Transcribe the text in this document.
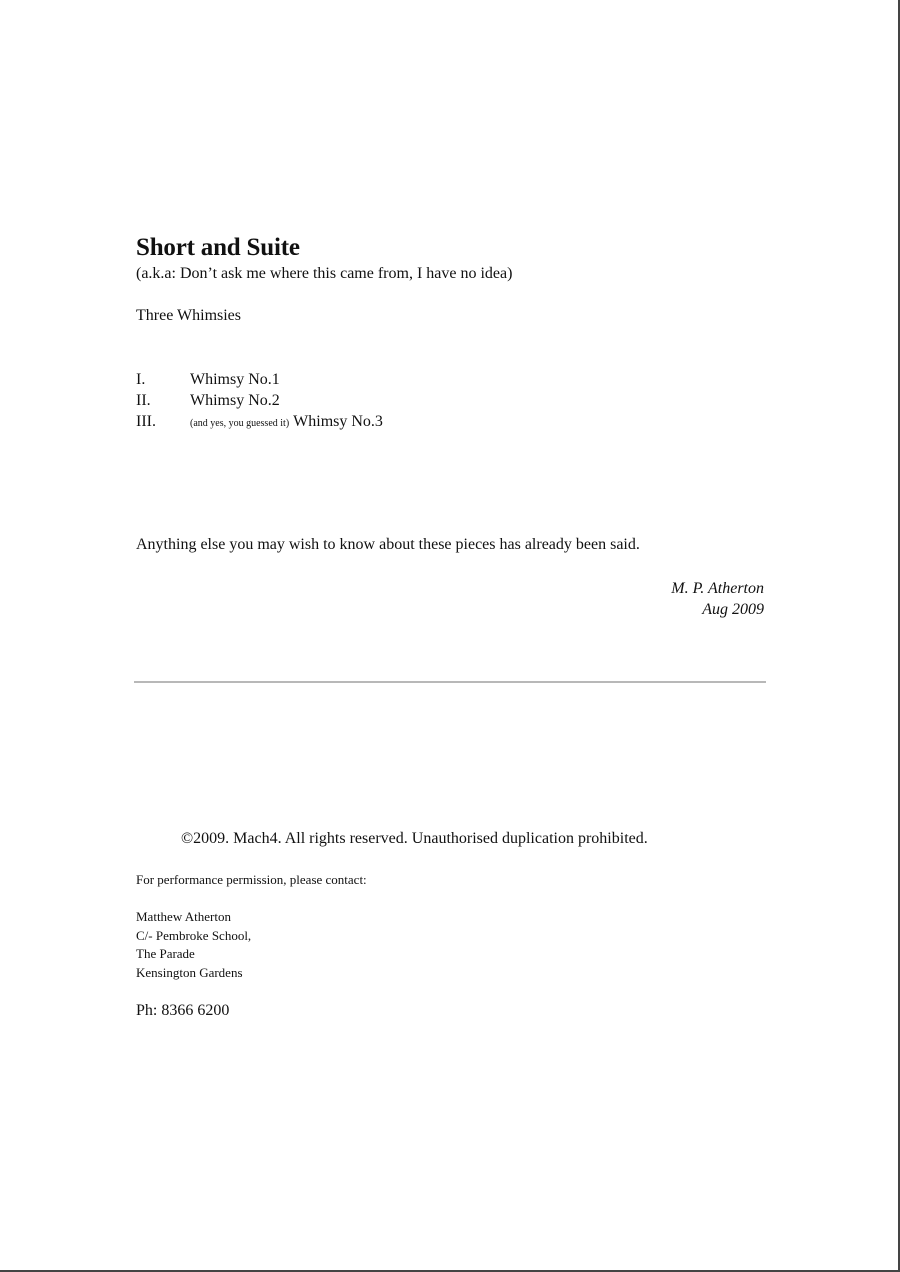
Short and Suite
(a.k.a: Don’t ask me where this came from, I have no idea)
Three Whimsies
I.	Whimsy No.1
II.	Whimsy No.2
III.	(and yes, you guessed it) Whimsy No.3
Anything else you may wish to know about these pieces has already been said.
M. P. Atherton
Aug 2009
©2009. Mach4. All rights reserved. Unauthorised duplication prohibited.
For performance permission, please contact:
Matthew Atherton
C/- Pembroke School,
The Parade
Kensington Gardens
Ph: 8366 6200
